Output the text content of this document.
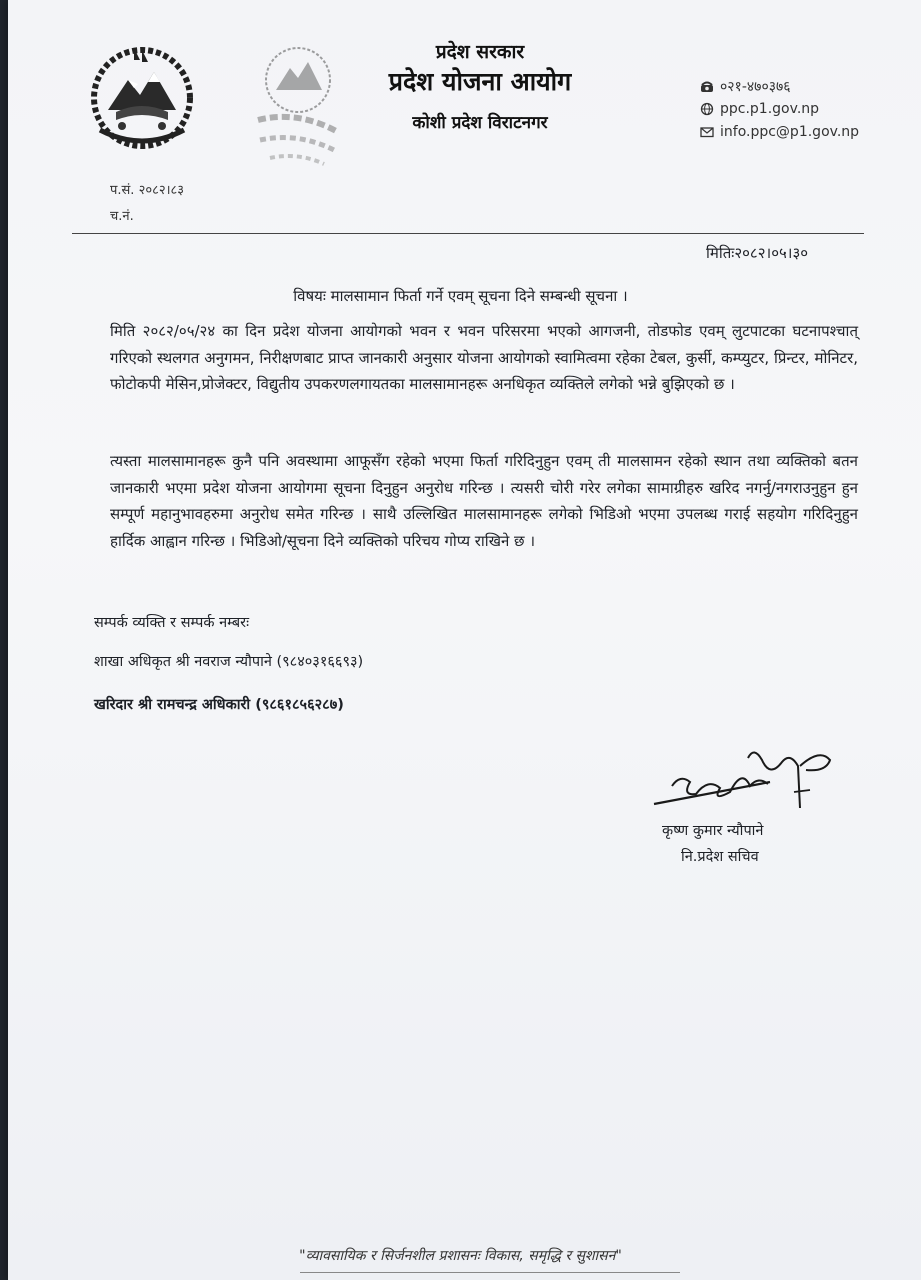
प्रदेश सरकार
प्रदेश योजना आयोग
कोशी प्रदेश विराटनगर
०२१-४७०३७६
ppc.p1.gov.np
info.ppc@p1.gov.np
प.सं. २०८२।८३
च.नं.
मितिः२०८२।०५।३०
विषयः मालसामान फिर्ता गर्ने एवम् सूचना दिने सम्बन्धी सूचना ।
मिति २०८२/०५/२४ का दिन प्रदेश योजना आयोगको भवन र भवन परिसरमा भएको आगजनी, तोडफोड एवम् लुटपाटका घटनापश्चात् गरिएको स्थलगत अनुगमन, निरीक्षणबाट प्राप्त जानकारी अनुसार योजना आयोगको स्वामित्वमा रहेका टेबल, कुर्सी, कम्प्युटर, प्रिन्टर, मोनिटर, फोटोकपी मेसिन,प्रोजेक्टर, विद्युतीय उपकरणलगायतका मालसामानहरू अनधिकृत व्यक्तिले लगेको भन्ने बुझिएको छ ।
त्यस्ता मालसामानहरू कुनै पनि अवस्थामा आफूसँग रहेको भएमा फिर्ता गरिदिनुहुन एवम् ती मालसामन रहेको स्थान तथा व्यक्तिको बतन जानकारी भएमा प्रदेश योजना आयोगमा सूचना दिनुहुन अनुरोध गरिन्छ । त्यसरी चोरी गरेर लगेका सामाग्रीहरु खरिद नगर्नु/नगराउनुहुन हुन सम्पूर्ण महानुभावहरुमा अनुरोध समेत गरिन्छ । साथै उल्लिखित मालसामानहरू लगेको भिडिओ भएमा उपलब्ध गराई सहयोग गरिदिनुहुन हार्दिक आह्वान गरिन्छ । भिडिओ/सूचना दिने व्यक्तिको परिचय गोप्य राखिने छ ।
सम्पर्क व्यक्ति र सम्पर्क नम्बरः
शाखा अधिकृत श्री नवराज न्यौपाने (९८४०३१६६९३)
खरिदार श्री रामचन्द्र अधिकारी (९८६१८५६२८७)
कृष्ण कुमार न्यौपाने
नि.प्रदेश सचिव
"व्यावसायिक र सिर्जनशील प्रशासनः विकास, समृद्धि र सुशासन"
